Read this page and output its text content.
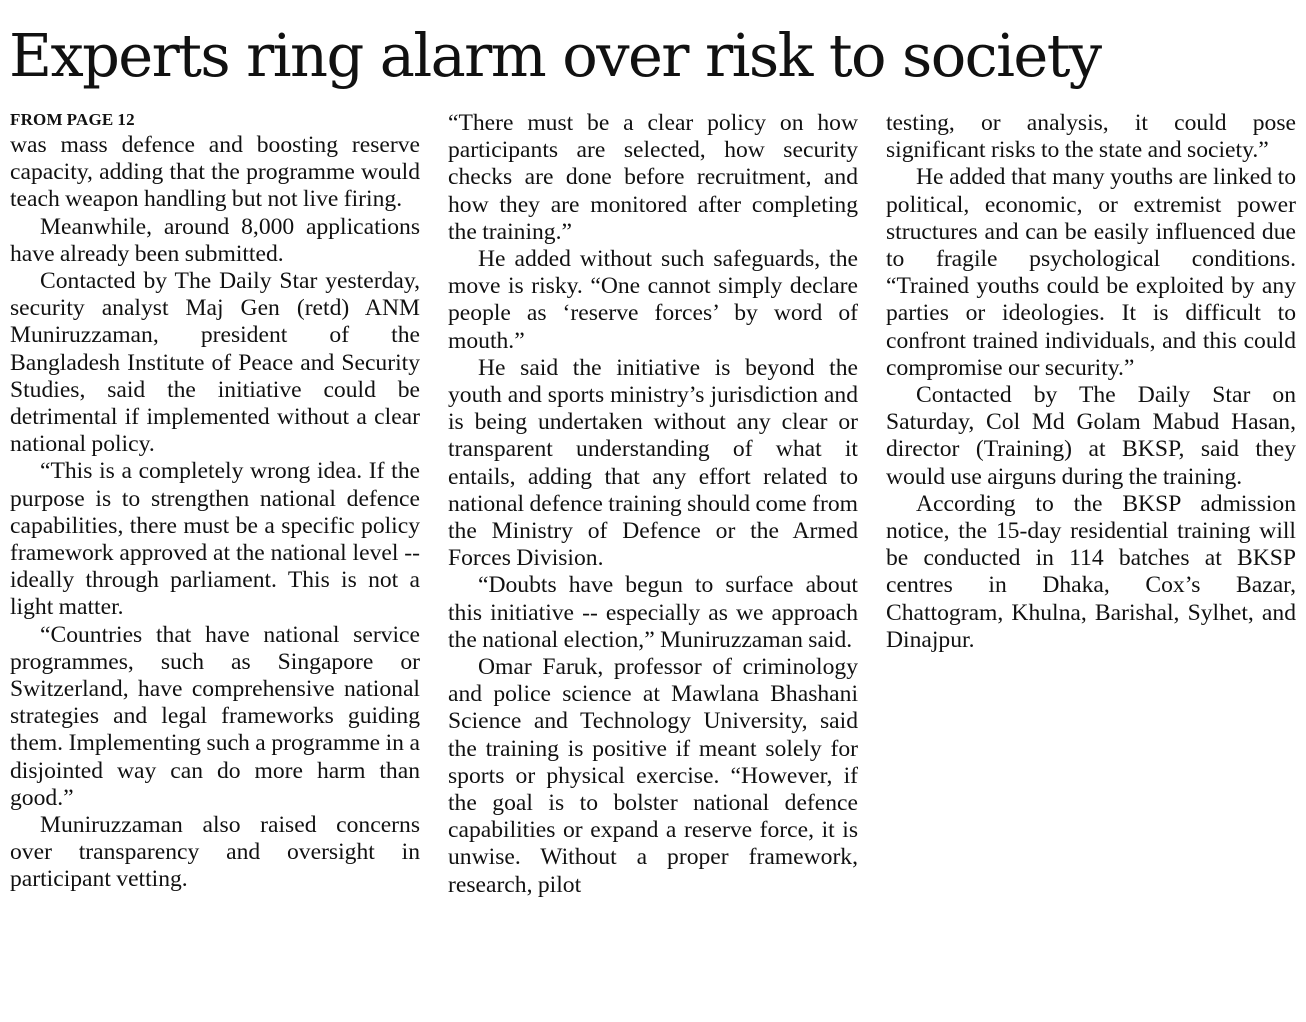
Experts ring alarm over risk to society

FROM PAGE 12

was mass defence and boosting reserve capacity, adding that the programme would teach weapon handling but not live firing.

Meanwhile, around 8,000 applications have already been submitted.

Contacted by The Daily Star yesterday, security analyst Maj Gen (retd) ANM Muniruzzaman, president of the Bangladesh Institute of Peace and Security Studies, said the initiative could be detrimental if implemented without a clear national policy.

“This is a completely wrong idea. If the purpose is to strengthen national defence capabilities, there must be a specific policy framework approved at the national level -- ideally through parliament. This is not a light matter.

“Countries that have national service programmes, such as Singapore or Switzerland, have comprehensive national strategies and legal frameworks guiding them. Implementing such a programme in a disjointed way can do more harm than good.”

Muniruzzaman also raised concerns over transparency and oversight in participant vetting.

“There must be a clear policy on how participants are selected, how security checks are done before recruitment, and how they are monitored after completing the training.”

He added without such safeguards, the move is risky. “One cannot simply declare people as ‘reserve forces’ by word of mouth.”

He said the initiative is beyond the youth and sports ministry’s jurisdiction and is being undertaken without any clear or transparent understanding of what it entails, adding that any effort related to national defence training should come from the Ministry of Defence or the Armed Forces Division.

“Doubts have begun to surface about this initiative -- especially as we approach the national election,” Muniruzzaman said.

Omar Faruk, professor of criminology and police science at Mawlana Bhashani Science and Technology University, said the training is positive if meant solely for sports or physical exercise. “However, if the goal is to bolster national defence capabilities or expand a reserve force, it is unwise. Without a proper framework, research, pilot

testing, or analysis, it could pose significant risks to the state and society.”

He added that many youths are linked to political, economic, or extremist power structures and can be easily influenced due to fragile psychological conditions. “Trained youths could be exploited by any parties or ideologies. It is difficult to confront trained individuals, and this could compromise our security.”

Contacted by The Daily Star on Saturday, Col Md Golam Mabud Hasan, director (Training) at BKSP, said they would use airguns during the training.

According to the BKSP admission notice, the 15-day residential training will be conducted in 114 batches at BKSP centres in Dhaka, Cox’s Bazar, Chattogram, Khulna, Barishal, Sylhet, and Dinajpur.
